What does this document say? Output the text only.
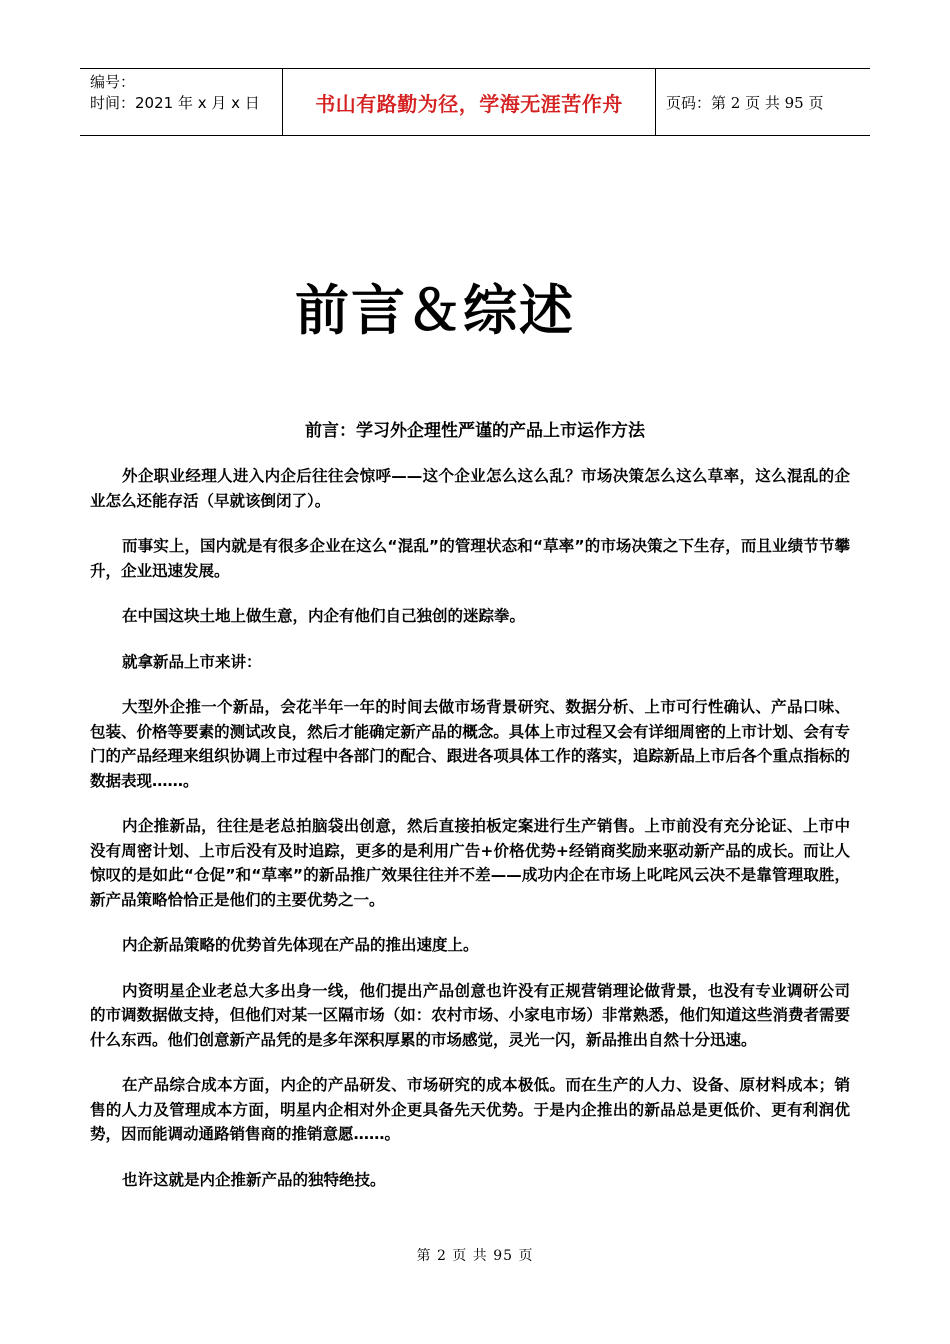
编号：
时间：2021 年 x 月 x 日	书山有路勤为径，学海无涯苦作舟	页码：第 2 页 共 95 页
前言＆综述
前言：学习外企理性严谨的产品上市运作方法

外企职业经理人进入内企后往往会惊呼——这个企业怎么这么乱？市场决策怎么这么草率，这么混乱的企业怎么还能存活（早就该倒闭了）。

而事实上，国内就是有很多企业在这么“混乱”的管理状态和“草率”的市场决策之下生存，而且业绩节节攀升，企业迅速发展。

在中国这块土地上做生意，内企有他们自己独创的迷踪拳。

就拿新品上市来讲：

大型外企推一个新品，会花半年一年的时间去做市场背景研究、数据分析、上市可行性确认、产品口味、包装、价格等要素的测试改良，然后才能确定新产品的概念。具体上市过程又会有详细周密的上市计划、会有专门的产品经理来组织协调上市过程中各部门的配合、跟进各项具体工作的落实，追踪新品上市后各个重点指标的数据表现……。

内企推新品，往往是老总拍脑袋出创意，然后直接拍板定案进行生产销售。上市前没有充分论证、上市中没有周密计划、上市后没有及时追踪，更多的是利用广告+价格优势+经销商奖励来驱动新产品的成长。而让人惊叹的是如此“仓促”和“草率”的新品推广效果往往并不差——成功内企在市场上叱咤风云决不是靠管理取胜，新产品策略恰恰正是他们的主要优势之一。

内企新品策略的优势首先体现在产品的推出速度上。

内资明星企业老总大多出身一线，他们提出产品创意也许没有正规营销理论做背景，也没有专业调研公司的市调数据做支持，但他们对某一区隔市场（如：农村市场、小家电市场）非常熟悉，他们知道这些消费者需要什么东西。他们创意新产品凭的是多年深积厚累的市场感觉，灵光一闪，新品推出自然十分迅速。

在产品综合成本方面，内企的产品研发、市场研究的成本极低。而在生产的人力、设备、原材料成本；销售的人力及管理成本方面，明星内企相对外企更具备先天优势。于是内企推出的新品总是更低价、更有利润优势，因而能调动通路销售商的推销意愿……。

也许这就是内企推新产品的独特绝技。

第 2 页 共 95 页
